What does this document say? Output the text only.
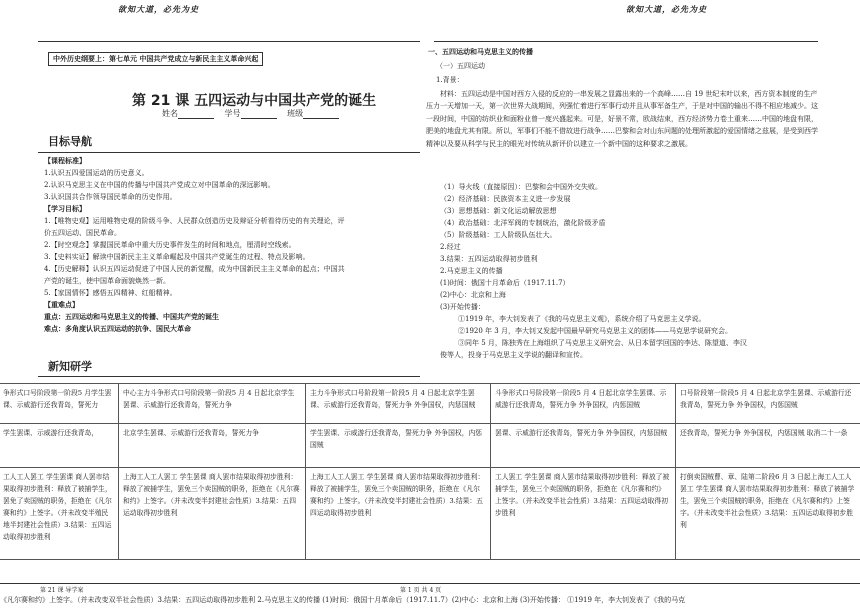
欲知大道，必先为史	欲知大道，必先为史
中外历史纲要上：第七单元 中国共产党成立与新民主主义革命兴起
第 21 课 五四运动与中国共产党的诞生
姓名	学号	班级
目标导航
【课程标准】
1.认识五四爱国运动的历史意义。
2.认识马克思主义在中国的传播与中国共产党成立对中国革命的深远影响。
3.认识国共合作领导国民革命的历史作用。
【学习目标】
1.【唯物史观】运用唯物史观的阶级斗争、人民群众创造历史及辩证分析看待历史的有关理论，评
价五四运动、国民革命。
2.【时空观念】掌握国民革命中重大历史事件发生的时间和地点，厘清时空线索。
3.【史料实证】解读中国新民主主义革命崛起及中国共产党诞生的过程、特点及影响。
4.【历史解释】认识五四运动促进了中国人民的新觉醒，成为中国新民主主义革命的起点；中国共
产党的诞生，使中国革命面貌焕然一新。
5.【家国情怀】感悟五四精神、红船精神。
【重难点】
重点：五四运动和马克思主义的传播、中国共产党的诞生
难点：多角度认识五四运动的抗争、国民大革命
新知研学
一、五四运动和马克思主义的传播
（一）五四运动
1.背景：
材料：五四运动是中国对西方入侵的反应的一串发展之显露出来的一个高峰……自 19 世纪末叶以来，西方资本制度的生产压力一天增加一天，第一次世界大战期间，列强忙着进行军事行动并且从事军备生产，于是对中国的输出不得不相应地减少。这一段时间，中国的纺织业和面粉业曾一度兴盛起来。可是，好景不常，欧战结束，西方经济势力卷土重来……中国的地盘有限，肥美的地盘尤其有限。所以，军事们不能不借故进行战争……巴黎和会对山东问题的处理所激起的爱国情绪之兹展，是受到西学精神以及要从科学与民主的眼光对传统从新评价以建立一个新中国的这种要求之激展。
（1）导火线（直接原因）：巴黎和会中国外交失败。
（2）经济基础：民族资本主义进一步发展
（3）思想基础：新文化运动解放思想
（4）政治基础：北洋军阀的专制统治，激化阶级矛盾
（5）阶级基础：工人阶级队伍壮大。
2.经过
3.结果：五四运动取得初步胜利
2.马克思主义的传播
(1)时间：俄国十月革命后（1917.11.7）
(2)中心：北京和上海
(3)开始传播：
①1919 年，李大钊发表了《我的马克思主义观》，系统介绍了马克思主义学说。
②1920 年 3 月，李大钊又发起中国最早研究马克思主义的团体——马克思学说研究会。
③同年 5 月，陈独秀在上海组织了马克思主义研究会、从日本留学回国的李达、陈望道、李汉
俊等人，投身于马克思主义学说的翻译和宣传。
争形式口号阶段第一阶段5 月学生罢课、示威游行还我青岛，誓死力	中心主力斗争形式口号阶段第一阶段5 月 4 日起北京学生罢课、示威游行还我青岛，誓死力争	主力斗争形式口号阶段第一阶段5 月 4 日起北京学生罢课、示威游行还我青岛，誓死力争 外争国权，内惩国贼	斗争形式口号阶段第一阶段5 月 4 日起北京学生罢课、示威游行还我青岛，誓死力争 外争国权，内惩国贼	口号阶段第一阶段5 月 4 日起北京学生罢课、示威游行还我青岛，誓死力争 外争国权，内惩国贼
学生罢课、示威游行还我青岛，	北京学生罢课、示威游行还我青岛，誓死力争	学生罢课、示威游行还我青岛，誓死力争 外争国权，内惩国贼	罢课、示威游行还我青岛，誓死力争 外争国权，内惩国贼	还我青岛，誓死力争 外争国权，内惩国贼 取消二十一条
工人工人罢工 学生罢课 商人罢市结果取得初步胜利：释放了被捕学生，罢免了卖国贼的职务，拒绝在《凡尔赛和约》上签字。（并未改变半殖民地半封建社会性质）3.结果：五四运动取得初步胜利	上海工人工人罢工 学生罢课 商人罢市结果取得初步胜利：释放了被捕学生，罢免三个卖国贼的职务，拒绝在《凡尔赛和约》上签字。（并未改变半封建社会性质）3.结果：五四运动取得初步胜利	上海工人工人罢工 学生罢课 商人罢市结果取得初步胜利：释放了被捕学生，罢免三个卖国贼的职务，拒绝在《凡尔赛和约》上签字。（并未改变半封建社会性质）3.结果：五四运动取得初步胜利	工人罢工 学生罢课 商人罢市结果取得初步胜利：释放了被捕学生，罢免三个卖国贼的职务，拒绝在《凡尔赛和约》上签字。（并未改变半社会性质）3.结果：五四运动取得初步胜利	打倒卖国贼曹、章、陆第二阶段6 月 3 日起上海工人工人罢工 学生罢课 商人罢市结果取得初步胜利：释放了被捕学生，罢免三个卖国贼的职务，拒绝在《凡尔赛和约》上签字。（并未改变半社会性质）3.结果：五四运动取得初步胜利
第 21 课 导学案	第 1 页 共 4 页
《凡尔赛和约》上签字。（并未改变双半社会性质）3.结果：五四运动取得初步胜利 2.马克思主义的传播 (1)时间：俄国十月革命后（1917.11.7）(2)中心：北京和上海 (3)开始传播： ①1919 年，李大钊发表了《我的马克
